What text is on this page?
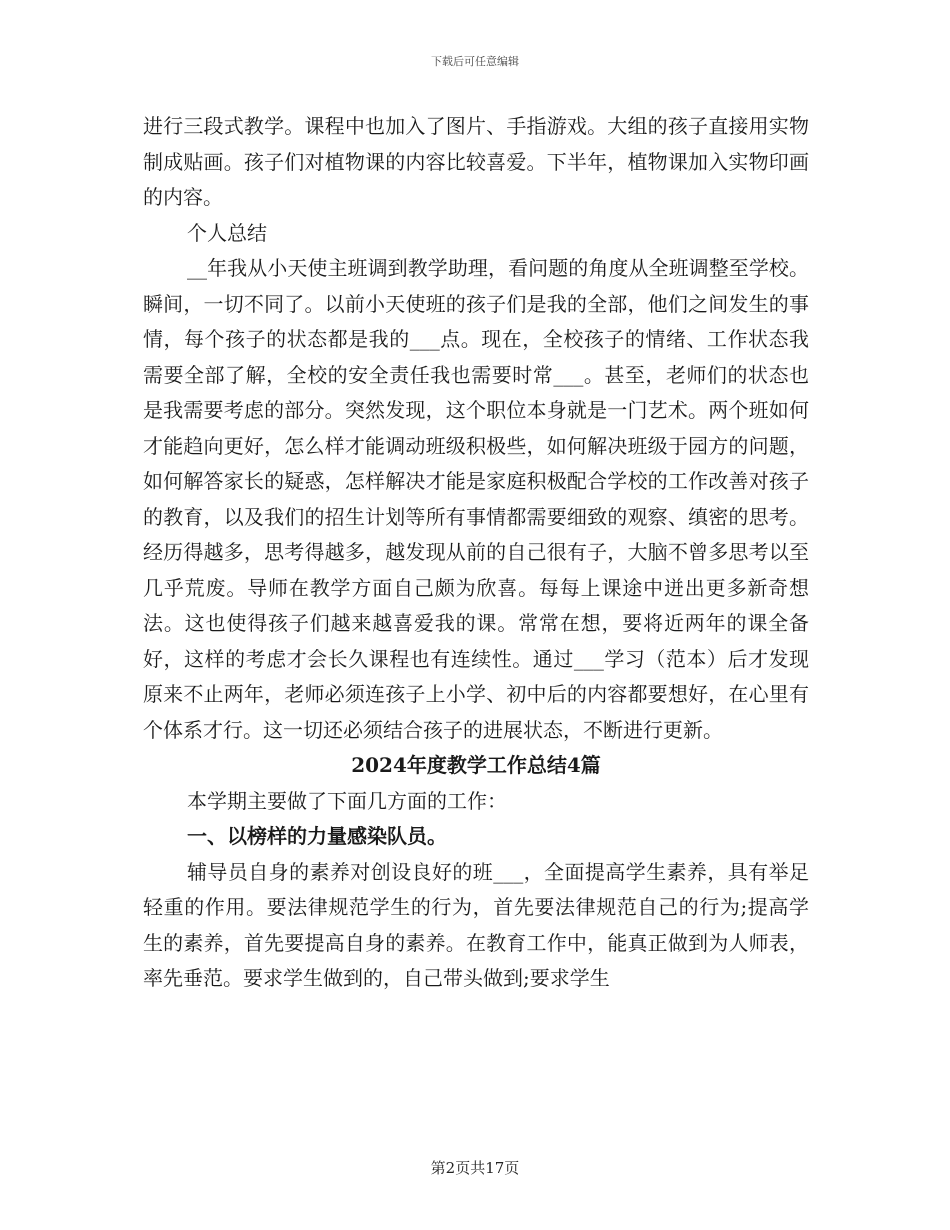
下载后可任意编辑

进行三段式教学。课程中也加入了图片、手指游戏。大组的孩子直接用实物制成贴画。孩子们对植物课的内容比较喜爱。下半年，植物课加入实物印画的内容。

个人总结

__年我从小天使主班调到教学助理，看问题的角度从全班调整至学校。瞬间，一切不同了。以前小天使班的孩子们是我的全部，他们之间发生的事情，每个孩子的状态都是我的___点。现在，全校孩子的情绪、工作状态我需要全部了解，全校的安全责任我也需要时常___。甚至，老师们的状态也是我需要考虑的部分。突然发现，这个职位本身就是一门艺术。两个班如何才能趋向更好，怎么样才能调动班级积极些，如何解决班级于园方的问题，如何解答家长的疑惑，怎样解决才能是家庭积极配合学校的工作改善对孩子的教育，以及我们的招生计划等所有事情都需要细致的观察、缜密的思考。经历得越多，思考得越多，越发现从前的自己很有子，大脑不曾多思考以至几乎荒废。导师在教学方面自己颇为欣喜。每每上课途中迸出更多新奇想法。这也使得孩子们越来越喜爱我的课。常常在想，要将近两年的课全备好，这样的考虑才会长久课程也有连续性。通过___学习（范本）后才发现原来不止两年，老师必须连孩子上小学、初中后的内容都要想好，在心里有个体系才行。这一切还必须结合孩子的进展状态，不断进行更新。

2024年度教学工作总结4篇

本学期主要做了下面几方面的工作：

一、以榜样的力量感染队员。

辅导员自身的素养对创设良好的班___，全面提高学生素养，具有举足轻重的作用。要法律规范学生的行为，首先要法律规范自己的行为;提高学生的素养，首先要提高自身的素养。在教育工作中，能真正做到为人师表，率先垂范。要求学生做到的，自己带头做到;要求学生

第2页共17页
